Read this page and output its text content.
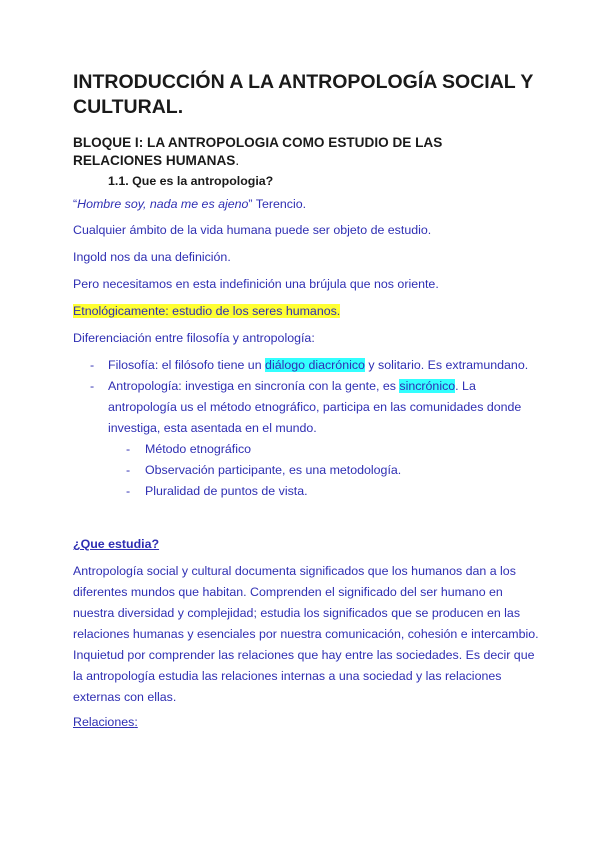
INTRODUCCIÓN A LA ANTROPOLOGÍA SOCIAL Y
CULTURAL.
BLOQUE I: LA ANTROPOLOGIA COMO ESTUDIO DE LAS
RELACIONES HUMANAS.
1.1. Que es la antropologia?
“Hombre soy, nada me es ajeno” Terencio.
Cualquier ámbito de la vida humana puede ser objeto de estudio.
Ingold nos da una definición.
Pero necesitamos en esta indefinición una brújula que nos oriente.
Etnológicamente: estudio de los seres humanos.
Diferenciación entre filosofía y antropología:
- Filosofía: el filósofo tiene un diálogo diacrónico y solitario. Es extramundano.
- Antropología: investiga en sincronía con la gente, es sincrónico. La
antropología us el método etnográfico, participa en las comunidades donde
investiga, esta asentada en el mundo.
- Método etnográfico
- Observación participante, es una metodología.
- Pluralidad de puntos de vista.
¿Que estudia?
Antropología social y cultural documenta significados que los humanos dan a los
diferentes mundos que habitan. Comprenden el significado del ser humano en
nuestra diversidad y complejidad; estudia los significados que se producen en las
relaciones humanas y esenciales por nuestra comunicación, cohesión e intercambio.
Inquietud por comprender las relaciones que hay entre las sociedades. Es decir que
la antropología estudia las relaciones internas a una sociedad y las relaciones
externas con ellas.
Relaciones:
